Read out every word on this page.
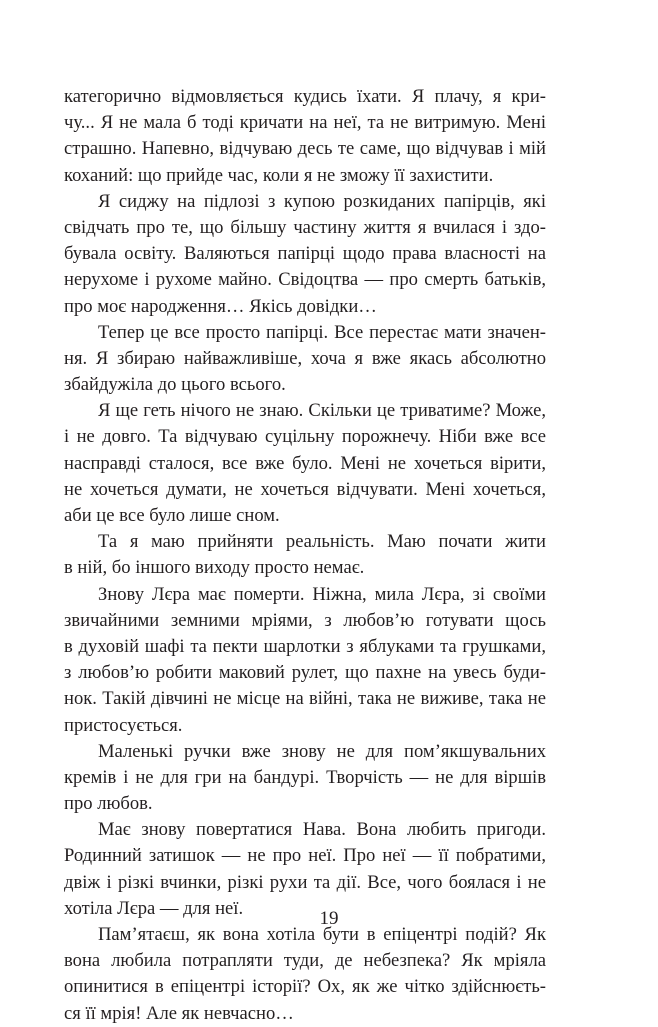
категорично відмовляється кудись їхати. Я плачу, я кри-
чу... Я не мала б тоді кричати на неї, та не витримую. Мені
страшно. Напевно, відчуваю десь те саме, що відчував і мій
коханий: що прийде час, коли я не зможу її захистити.
Я сиджу на підлозі з купою розкиданих папірців, які
свідчать про те, що більшу частину життя я вчилася і здо-
бувала освіту. Валяються папірці щодо права власності на
нерухоме і рухоме майно. Свідоцтва — про смерть батьків,
про моє народження… Якісь довідки…
Тепер це все просто папірці. Все перестає мати значен-
ня. Я збираю найважливіше, хоча я вже якась абсолютно
збайдужіла до цього всього.
Я ще геть нічого не знаю. Скільки це триватиме? Може,
і не довго. Та відчуваю суцільну порожнечу. Ніби вже все
насправді сталося, все вже було. Мені не хочеться вірити,
не хочеться думати, не хочеться відчувати. Мені хочеться,
аби це все було лише сном.
Та я маю прийняти реальність. Маю почати жити
в ній, бо іншого виходу просто немає.
Знову Лєра має померти. Ніжна, мила Лєра, зі своїми
звичайними земними мріями, з любов’ю готувати щось
в духовій шафі та пекти шарлотки з яблуками та грушками,
з любов’ю робити маковий рулет, що пахне на увесь буди-
нок. Такій дівчині не місце на війні, така не виживе, така не
пристосується.
Маленькі ручки вже знову не для пом’якшувальних
кремів і не для гри на бандурі. Творчість — не для віршів
про любов.
Має знову повертатися Нава. Вона любить пригоди.
Родинний затишок — не про неї. Про неї — її побратими,
двіж і різкі вчинки, різкі рухи та дії. Все, чого боялася і не
хотіла Лєра — для неї.
Пам’ятаєш, як вона хотіла бути в епіцентрі подій? Як
вона любила потрапляти туди, де небезпека? Як мріяла
опинитися в епіцентрі історії? Ох, як же чітко здійснюєть-
ся її мрія! Але як невчасно…
19
